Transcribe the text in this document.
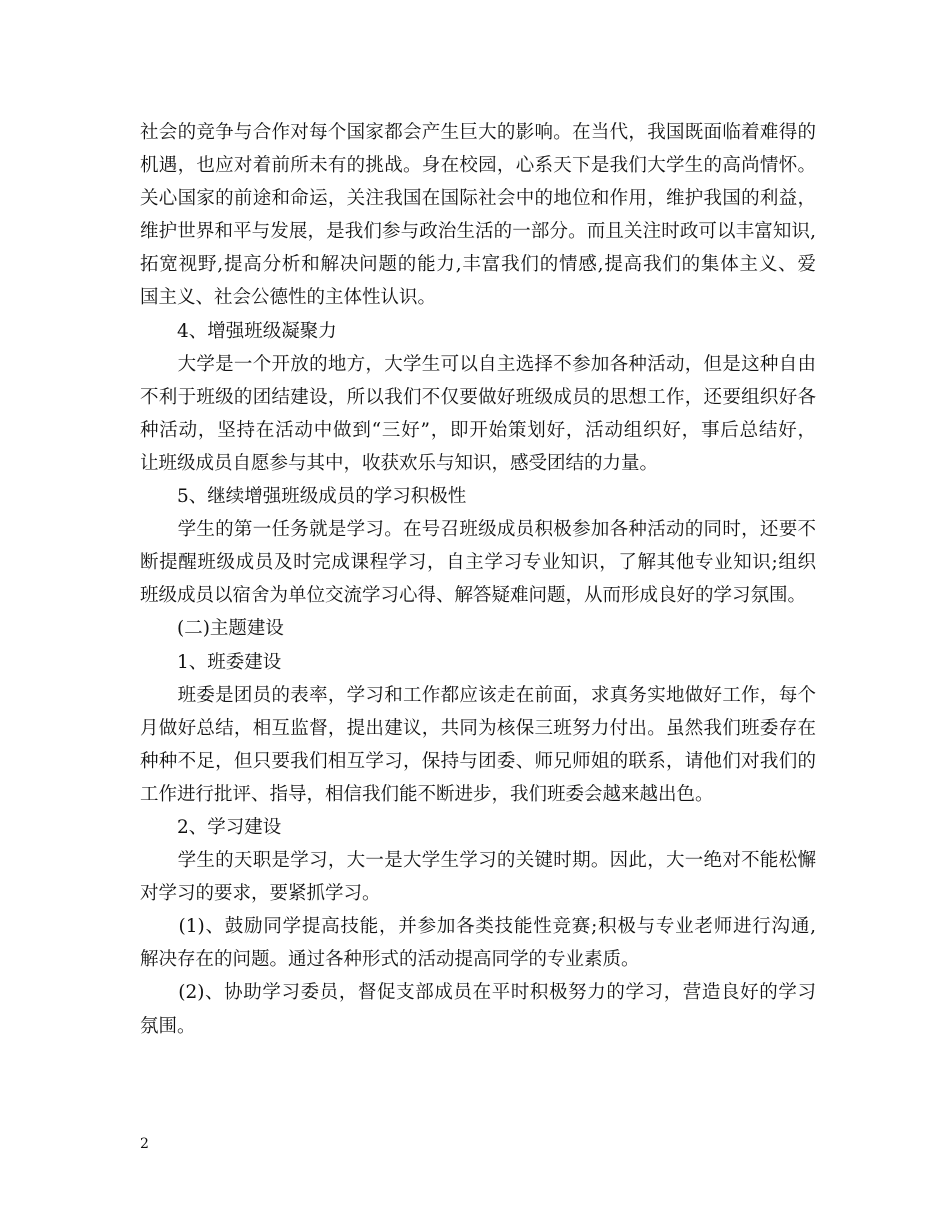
社会的竞争与合作对每个国家都会产生巨大的影响。在当代，我国既面临着难得的
机遇，也应对着前所未有的挑战。身在校园，心系天下是我们大学生的高尚情怀。
关心国家的前途和命运，关注我国在国际社会中的地位和作用，维护我国的利益，
维护世界和平与发展，是我们参与政治生活的一部分。而且关注时政可以丰富知识,
拓宽视野,提高分析和解决问题的能力,丰富我们的情感,提高我们的集体主义、爱
国主义、社会公德性的主体性认识。
　　4、增强班级凝聚力
　　大学是一个开放的地方，大学生可以自主选择不参加各种活动，但是这种自由
不利于班级的团结建设，所以我们不仅要做好班级成员的思想工作，还要组织好各
种活动，坚持在活动中做到“三好”，即开始策划好，活动组织好，事后总结好，
让班级成员自愿参与其中，收获欢乐与知识，感受团结的力量。
　　5、继续增强班级成员的学习积极性
　　学生的第一任务就是学习。在号召班级成员积极参加各种活动的同时，还要不
断提醒班级成员及时完成课程学习，自主学习专业知识，了解其他专业知识;组织
班级成员以宿舍为单位交流学习心得、解答疑难问题，从而形成良好的学习氛围。
　　(二)主题建设
　　1、班委建设
　　班委是团员的表率，学习和工作都应该走在前面，求真务实地做好工作，每个
月做好总结，相互监督，提出建议，共同为核保三班努力付出。虽然我们班委存在
种种不足，但只要我们相互学习，保持与团委、师兄师姐的联系，请他们对我们的
工作进行批评、指导，相信我们能不断进步，我们班委会越来越出色。
　　2、学习建设
　　学生的天职是学习，大一是大学生学习的关键时期。因此，大一绝对不能松懈
对学习的要求，要紧抓学习。
　　(1)、鼓励同学提高技能，并参加各类技能性竞赛;积极与专业老师进行沟通,
解决存在的问题。通过各种形式的活动提高同学的专业素质。
　　(2)、协助学习委员，督促支部成员在平时积极努力的学习，营造良好的学习
氛围。
2
